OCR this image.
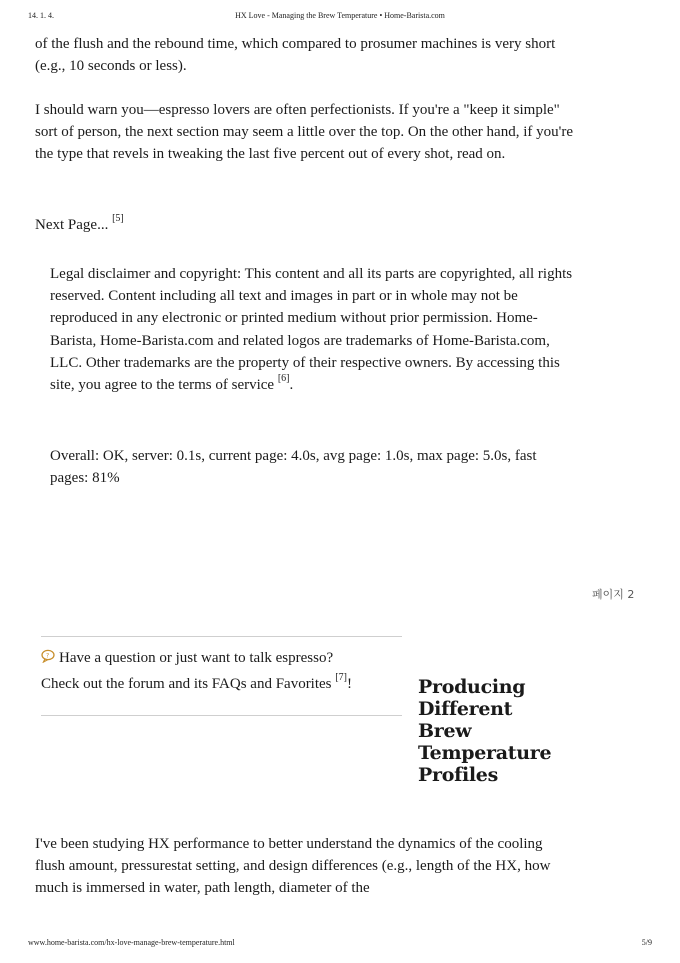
14. 1. 4.	HX Love - Managing the Brew Temperature • Home-Barista.com

of the flush and the rebound time, which compared to prosumer machines is very short (e.g., 10 seconds or less).

I should warn you—espresso lovers are often perfectionists. If you're a "keep it simple" sort of person, the next section may seem a little over the top. On the other hand, if you're the type that revels in tweaking the last five percent out of every shot, read on.

Next Page... [5]
Legal disclaimer and copyright: This content and all its parts are copyrighted, all rights reserved. Content including all text and images in part or in whole may not be reproduced in any electronic or printed medium without prior permission. Home-Barista, Home-Barista.com and related logos are trademarks of Home-Barista.com, LLC. Other trademarks are the property of their respective owners. By accessing this site, you agree to the terms of service [6].

Overall: OK, server: 0.1s, current page: 4.0s, avg page: 1.0s, max page: 5.0s, fast pages: 81%

페이지 2

? Have a question or just want to talk espresso?

Check out the forum and its FAQs and Favorites [7]!	Producing
Different
Brew
Temperature
Profiles

I've been studying HX performance to better understand the dynamics of the cooling flush amount, pressurestat setting, and design differences (e.g., length of the HX, how much is immersed in water, path length, diameter of the

www.home-barista.com/hx-love-manage-brew-temperature.html	5/9
